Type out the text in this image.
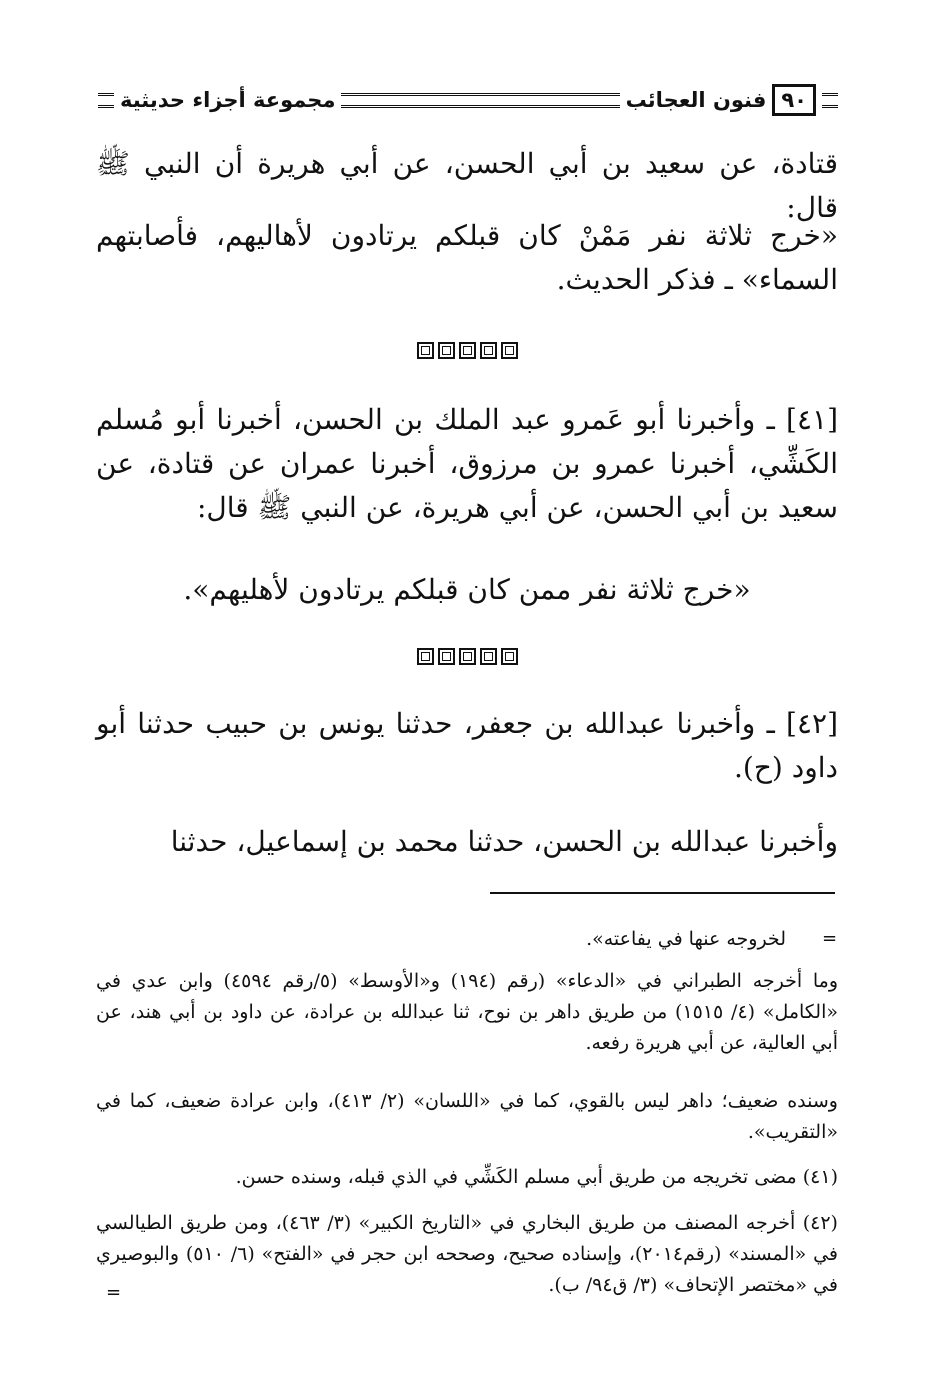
مجموعة أجزاء حديثية	فنون العجائب ٩٠

قتادة، عن سعيد بن أبي الحسن، عن أبي هريرة أن النبي ﷺ قال:

«خرج ثلاثة نفر مَمْنْ كان قبلكم يرتادون لأهاليهم، فأصابتهم السماء» ـ فذكر الحديث.

[٤١] ـ وأخبرنا أبو عَمرو عبد الملك بن الحسن، أخبرنا أبو مُسلم الكَشِّي، أخبرنا عمرو بن مرزوق، أخبرنا عمران عن قتادة، عن سعيد بن أبي الحسن، عن أبي هريرة، عن النبي ﷺ قال:

«خرج ثلاثة نفر ممن كان قبلكم يرتادون لأهليهم».

[٤٢] ـ وأخبرنا عبدالله بن جعفر، حدثنا يونس بن حبيب حدثنا أبو داود (ح).

وأخبرنا عبدالله بن الحسن، حدثنا محمد بن إسماعيل، حدثنا

=

لخروجه عنها في يفاعته».

وما أخرجه الطبراني في «الدعاء» (رقم (١٩٤) و«الأوسط» (٥/رقم ٤٥٩٤) وابن عدي في «الكامل» (٤/ ١٥١٥) من طريق داهر بن نوح، ثنا عبدالله بن عرادة، عن داود بن أبي هند، عن أبي العالية، عن أبي هريرة رفعه.

وسنده ضعيف؛ داهر ليس بالقوي، كما في «اللسان» (٢/ ٤١٣)، وابن عرادة ضعيف، كما في «التقريب».

(٤١) مضى تخريجه من طريق أبي مسلم الكَشِّي في الذي قبله، وسنده حسن.

(٤٢) أخرجه المصنف من طريق البخاري في «التاريخ الكبير» (٣/ ٤٦٣)، ومن طريق الطيالسي في «المسند» (رقم٢٠١٤)، وإسناده صحيح، وصححه ابن حجر في «الفتح» (٦/ ٥١٠) والبوصيري في «مختصر الإتحاف» (٣/ ق٩٤/ ب).

=
